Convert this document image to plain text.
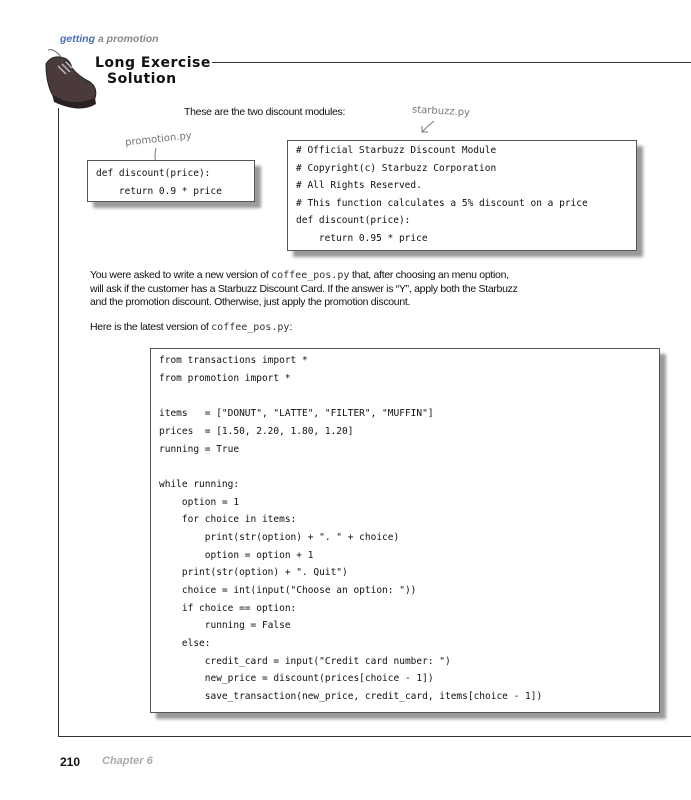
getting a promotion
Long Exercise
Solution
These are the two discount modules:
promotion.py
starbuzz.py
def discount(price):
return 0.9 * price
# Official Starbuzz Discount Module
# Copyright(c) Starbuzz Corporation
# All Rights Reserved.
# This function calculates a 5% discount on a price
def discount(price):
return 0.95 * price
You were asked to write a new version of coffee_pos.py that, after choosing an menu option,
will ask if the customer has a Starbuzz Discount Card. If the answer is “Y”, apply both the Starbuzz
and the promotion discount. Otherwise, just apply the promotion discount.
Here is the latest version of coffee_pos.py:
from transactions import *
from promotion import *
items   = ["DONUT", "LATTE", "FILTER", "MUFFIN"]
prices  = [1.50, 2.20, 1.80, 1.20]
running = True
while running:
option = 1
for choice in items:
print(str(option) + ". " + choice)
option = option + 1
print(str(option) + ". Quit")
choice = int(input("Choose an option: "))
if choice == option:
running = False
else:
credit_card = input("Credit card number: ")
new_price = discount(prices[choice - 1])
save_transaction(new_price, credit_card, items[choice - 1])
210 Chapter 6
